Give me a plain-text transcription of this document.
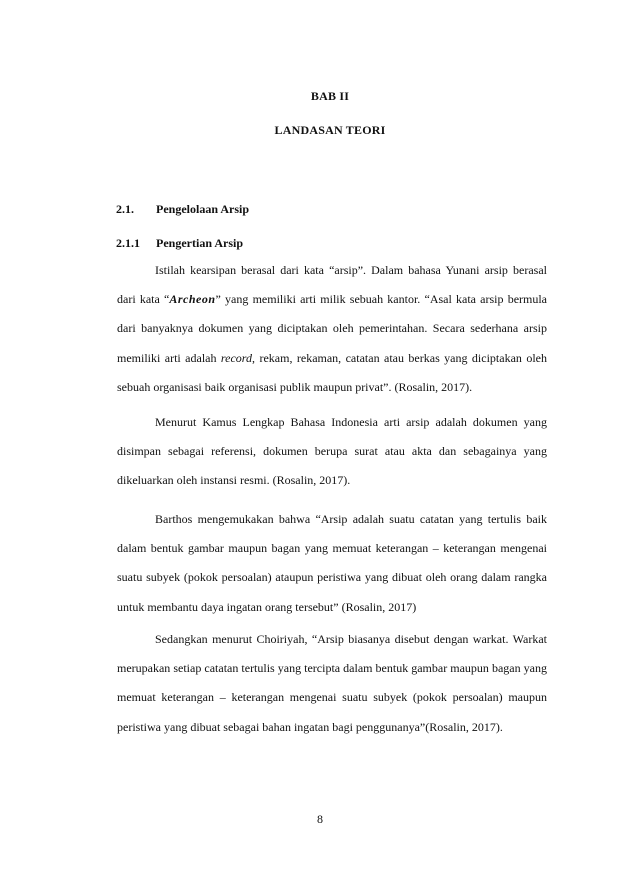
BAB II

LANDASAN TEORI

2.1. Pengelolaan Arsip

2.1.1 Pengertian Arsip

Istilah kearsipan berasal dari kata “arsip”. Dalam bahasa Yunani arsip berasal dari kata “Archeon” yang memiliki arti milik sebuah kantor. “Asal kata arsip bermula dari banyaknya dokumen yang diciptakan oleh pemerintahan. Secara sederhana arsip memiliki arti adalah record, rekam, rekaman, catatan atau berkas yang diciptakan oleh sebuah organisasi baik organisasi publik maupun privat”. (Rosalin, 2017).

Menurut Kamus Lengkap Bahasa Indonesia arti arsip adalah dokumen yang disimpan sebagai referensi, dokumen berupa surat atau akta dan sebagainya yang dikeluarkan oleh instansi resmi. (Rosalin, 2017).

Barthos mengemukakan bahwa “Arsip adalah suatu catatan yang tertulis baik dalam bentuk gambar maupun bagan yang memuat keterangan – keterangan mengenai suatu subyek (pokok persoalan) ataupun peristiwa yang dibuat oleh orang dalam rangka untuk membantu daya ingatan orang tersebut” (Rosalin, 2017)

Sedangkan menurut Choiriyah, “Arsip biasanya disebut dengan warkat. Warkat merupakan setiap catatan tertulis yang tercipta dalam bentuk gambar maupun bagan yang memuat keterangan – keterangan mengenai suatu subyek (pokok persoalan) maupun peristiwa yang dibuat sebagai bahan ingatan bagi penggunanya”(Rosalin, 2017).

8
